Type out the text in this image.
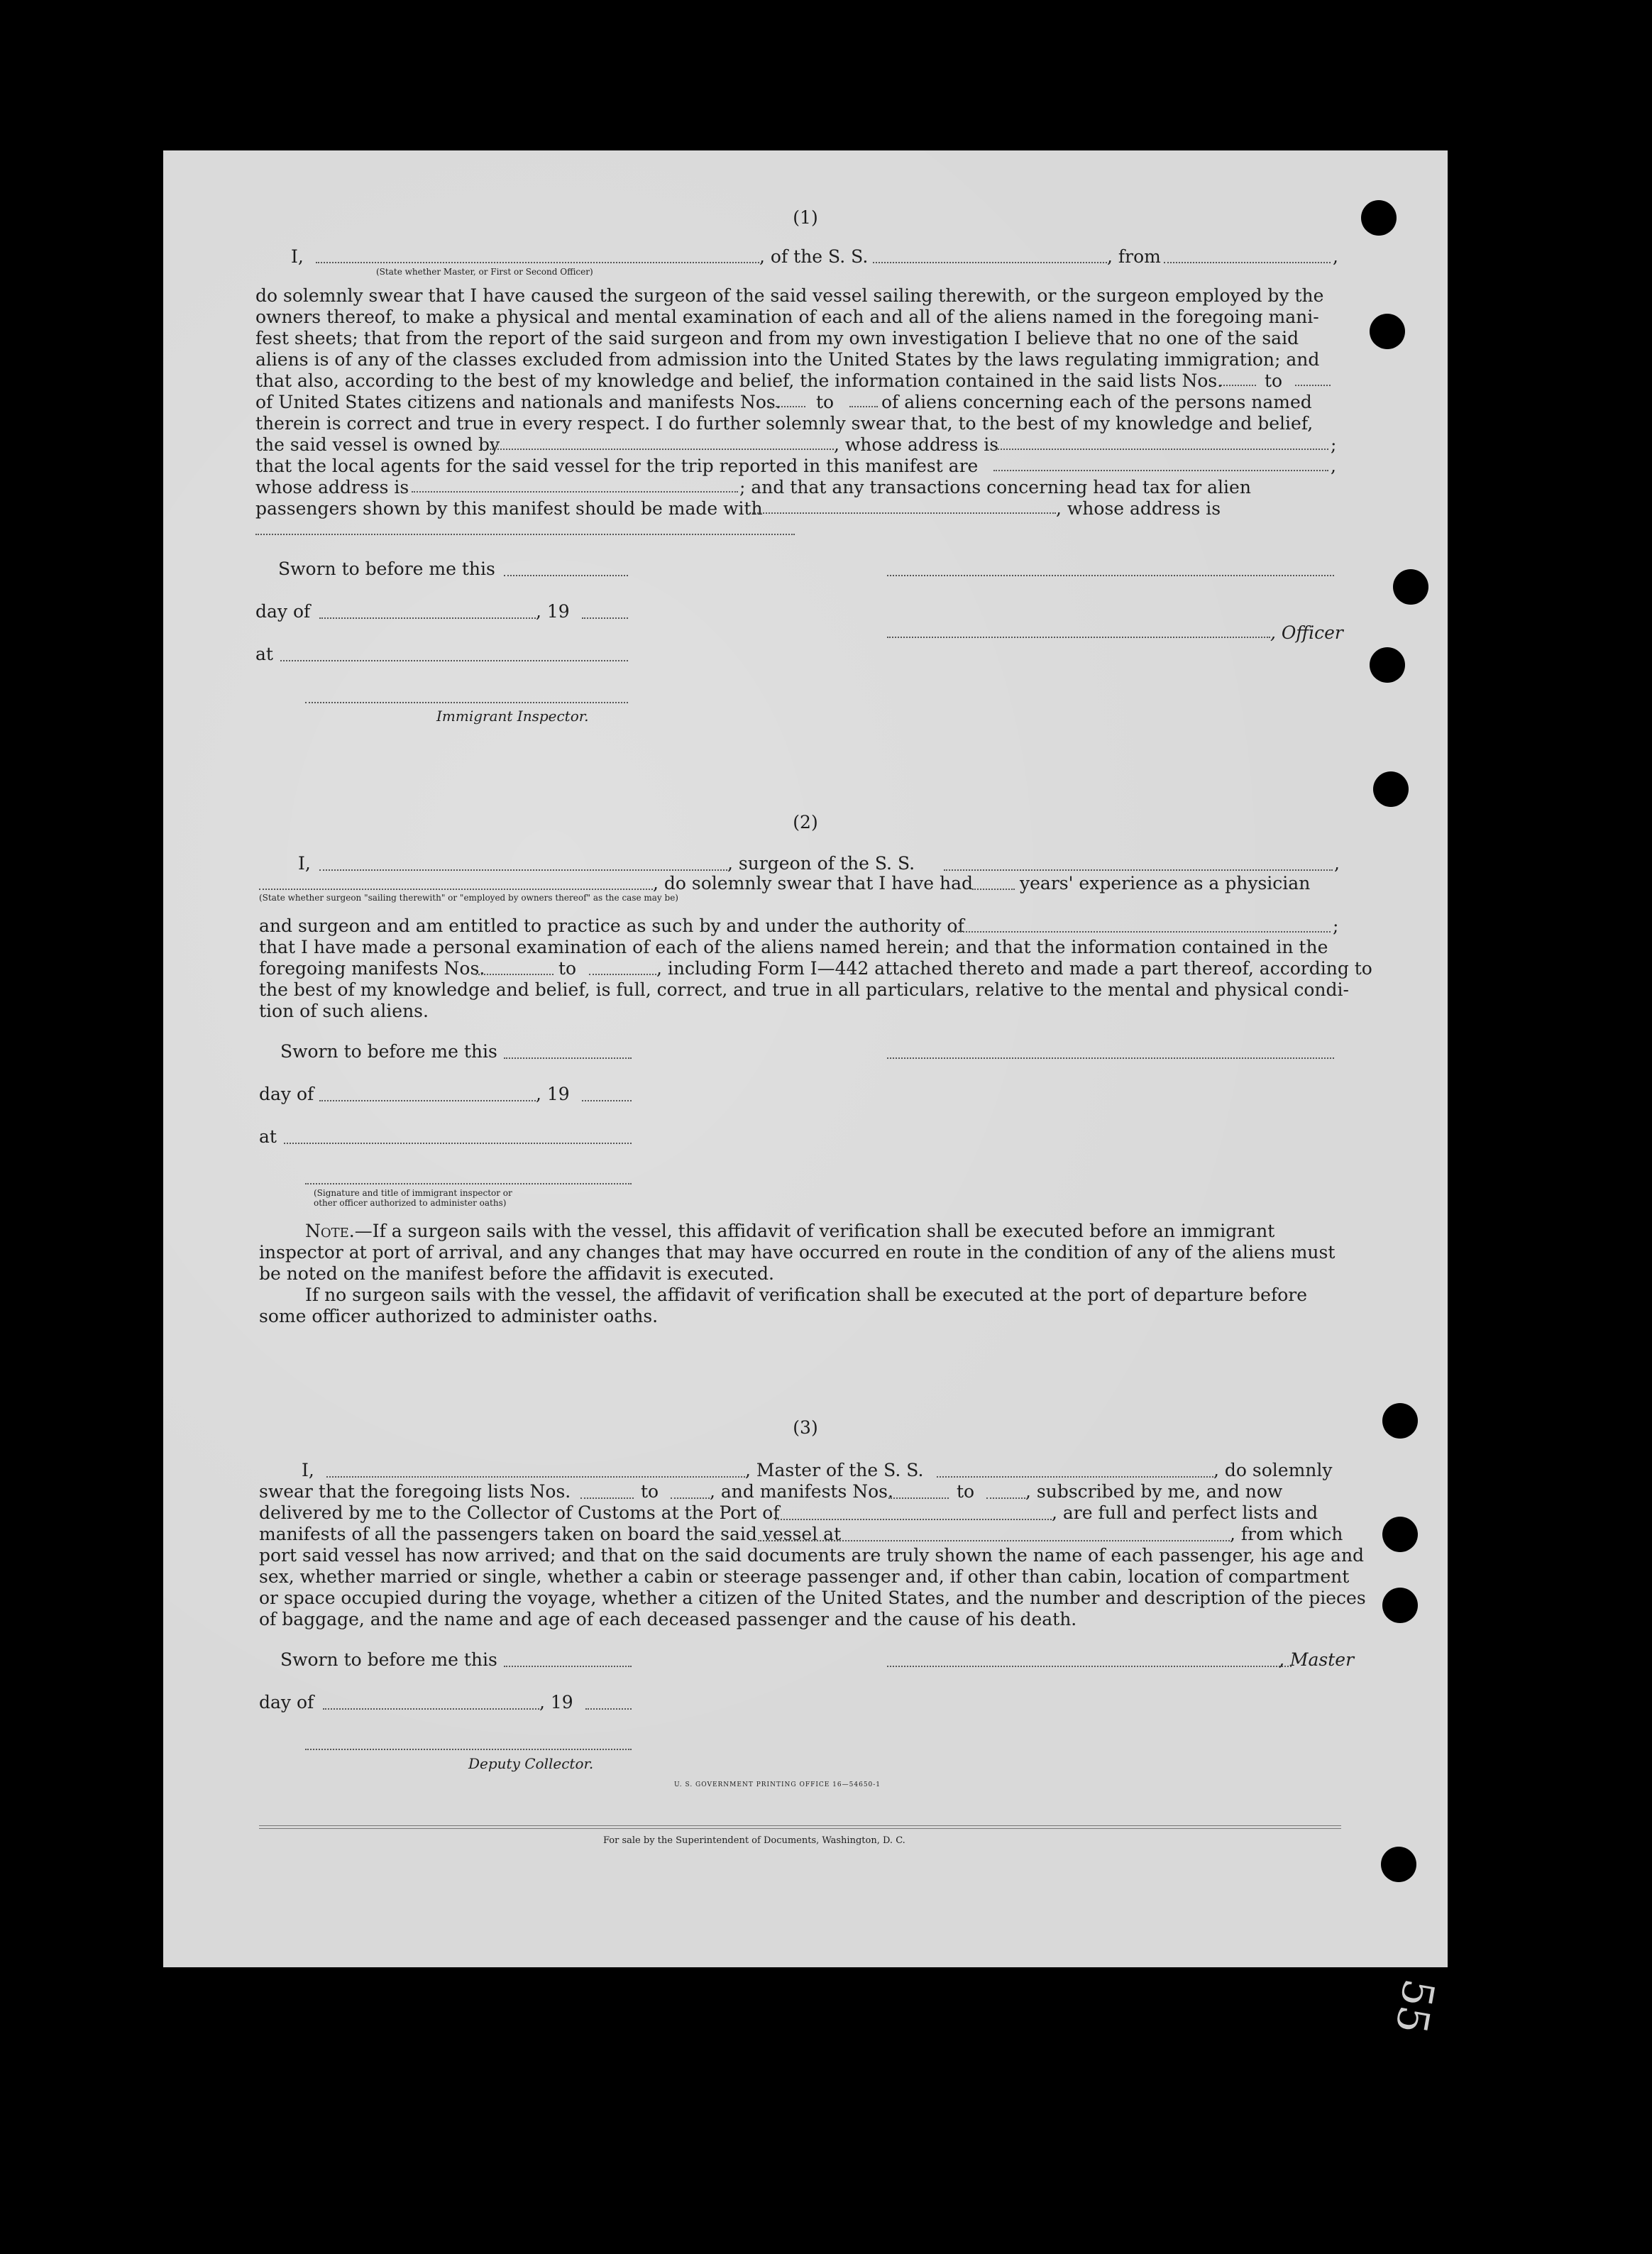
(1)
I,
(State whether Master, or First or Second Officer)
, of the S. S.	, from	,
do solemnly swear that I have caused the surgeon of the said vessel sailing therewith, or the surgeon employed by the
owners thereof, to make a physical and mental examination of each and all of the aliens named in the foregoing mani-
fest sheets; that from the report of the said surgeon and from my own investigation I believe that no one of the said
aliens is of any of the classes excluded from admission into the United States by the laws regulating immigration; and
that also, according to the best of my knowledge and belief, the information contained in the said lists Nos. to
of United States citizens and nationals and manifests Nos. to	of aliens concerning each of the persons named
therein is correct and true in every respect. I do further solemnly swear that, to the best of my knowledge and belief,
the said vessel is owned by	, whose address is	;
that the local agents for the said vessel for the trip reported in this manifest are	,
whose address is	; and that any transactions concerning head tax for alien
passengers shown by this manifest should be made with	, whose address is
Sworn to before me this
day of	, 19
, Officer
at
Immigrant Inspector.
(2)
I,	, surgeon of the S. S.	,
, do solemnly swear that I have had	years' experience as a physician
(State whether surgeon "sailing therewith" or "employed by owners thereof" as the case may be)
and surgeon and am entitled to practice as such by and under the authority of	;
that I have made a personal examination of each of the aliens named herein; and that the information contained in the
foregoing manifests Nos.	to	, including Form I—442 attached thereto and made a part thereof, according to
the best of my knowledge and belief, is full, correct, and true in all particulars, relative to the mental and physical condi-
tion of such aliens.
Sworn to before me this
day of	, 19
at
(Signature and title of immigrant inspector or
other officer authorized to administer oaths)
Note.—If a surgeon sails with the vessel, this affidavit of verification shall be executed before an immigrant
inspector at port of arrival, and any changes that may have occurred en route in the condition of any of the aliens must
be noted on the manifest before the affidavit is executed.
If no surgeon sails with the vessel, the affidavit of verification shall be executed at the port of departure before
some officer authorized to administer oaths.
(3)
I,	, Master of the S. S.	, do solemnly
swear that the foregoing lists Nos.	to	, and manifests Nos.	to	, subscribed by me, and now
delivered by me to the Collector of Customs at the Port of	, are full and perfect lists and
manifests of all the passengers taken on board the said vessel at	, from which
port said vessel has now arrived; and that on the said documents are truly shown the name of each passenger, his age and
sex, whether married or single, whether a cabin or steerage passenger and, if other than cabin, location of compartment
or space occupied during the voyage, whether a citizen of the United States, and the number and description of the pieces
of baggage, and the name and age of each deceased passenger and the cause of his death.
Sworn to before me this	, Master
day of	, 19
Deputy Collector.
U. S. GOVERNMENT PRINTING OFFICE 16—54650-1
For sale by the Superintendent of Documents, Washington, D. C.
55
